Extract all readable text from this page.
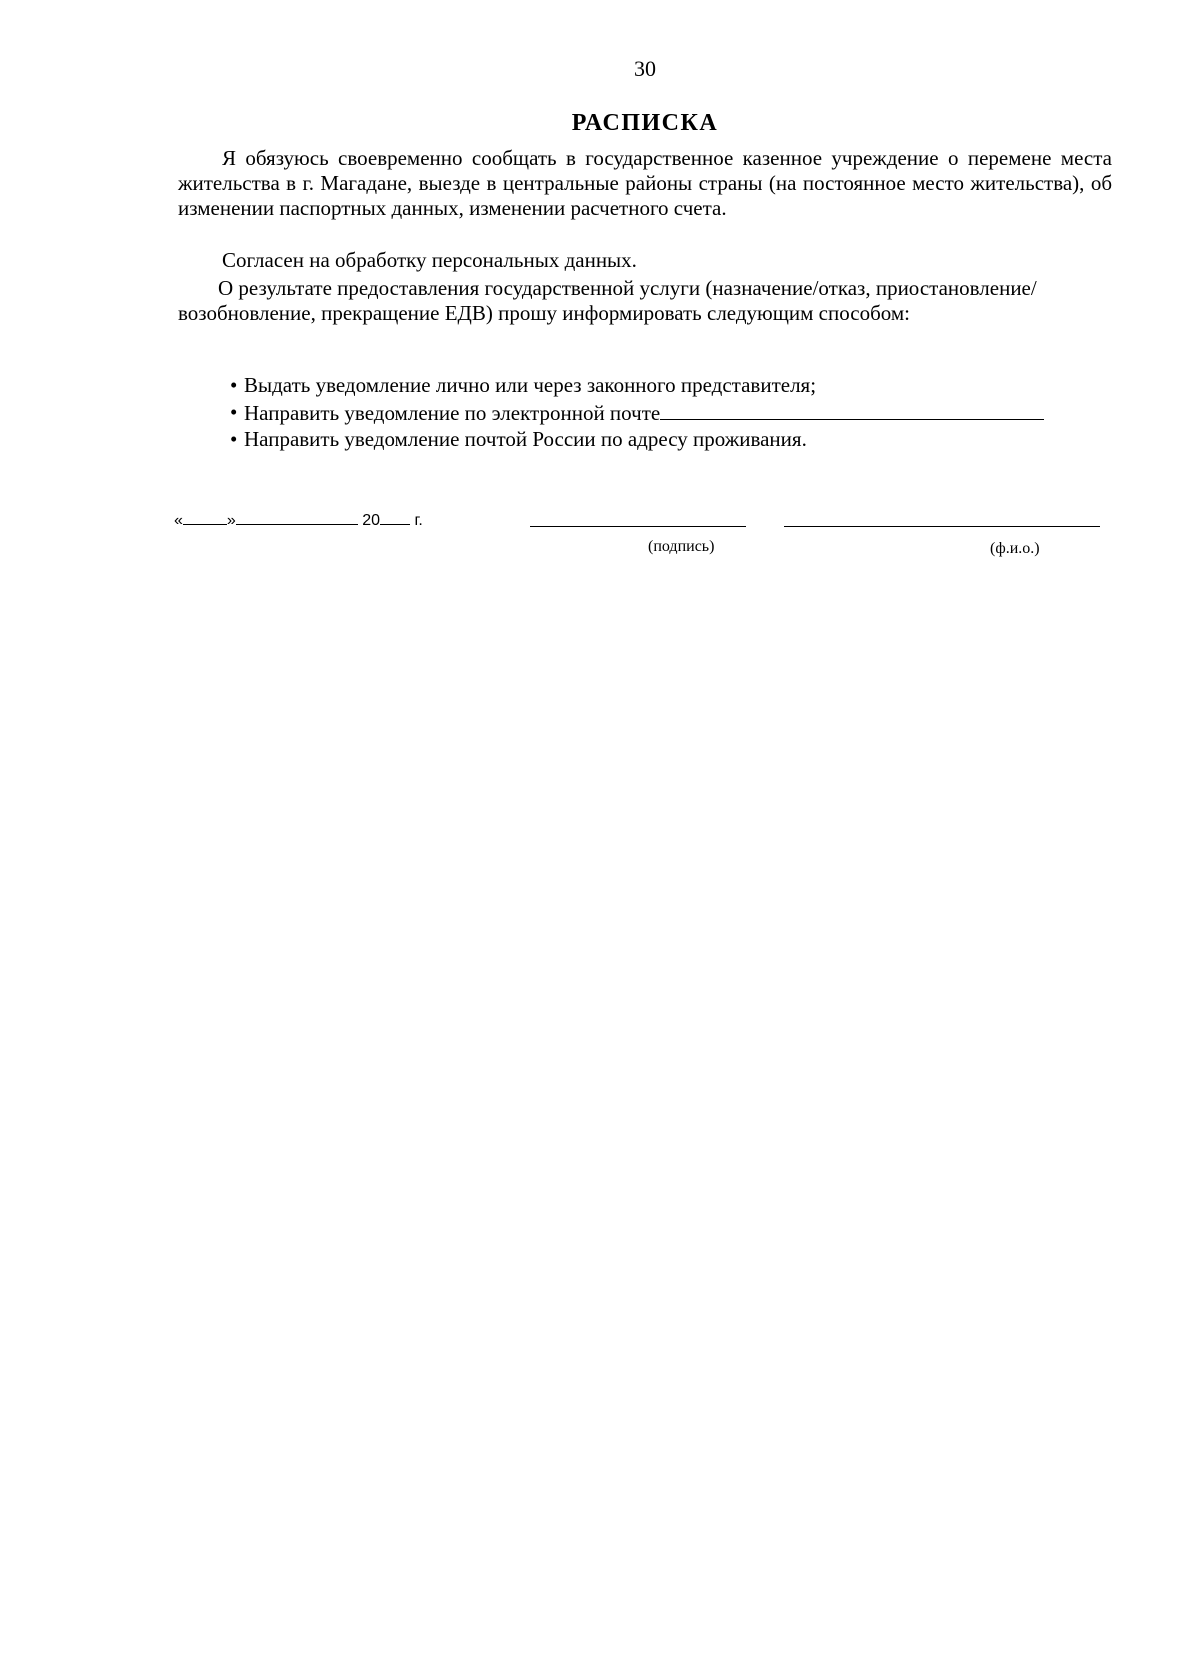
30
РАСПИСКА

Я обязуюсь своевременно сообщать в государственное казенное учреждение о перемене места жительства в г. Магадане, выезде в центральные районы страны (на постоянное место жительства), об изменении паспортных данных, изменении расчетного счета.

Согласен на обработку персональных данных.

О результате предоставления государственной услуги (назначение/отказ, приостановление/возобновление, прекращение ЕДВ) прошу информировать следующим способом:

• Выдать уведомление лично или через законного представителя;
• Направить уведомление по электронной почте
• Направить уведомление почтой России по адресу проживания.
«	»	20 г.
(подпись)	(ф.и.о.)
